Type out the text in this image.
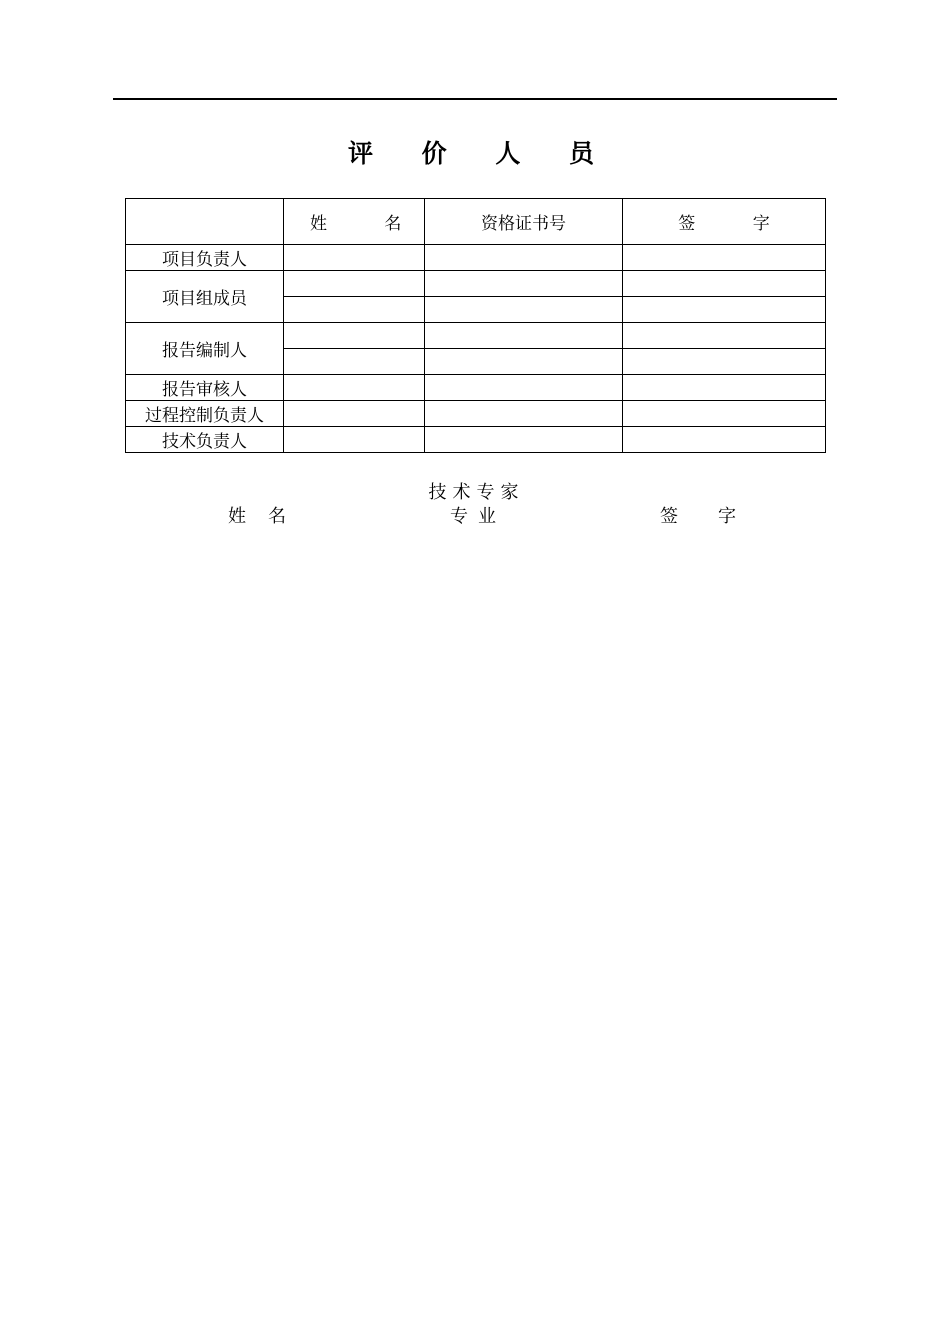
评 价 人 员
	姓 名	资格证书号	签 字
项目负责人			
项目组成员			

报告编制人			

报告审核人			
过程控制负责人			
技术负责人			
技术专家
姓名	专业	签字
